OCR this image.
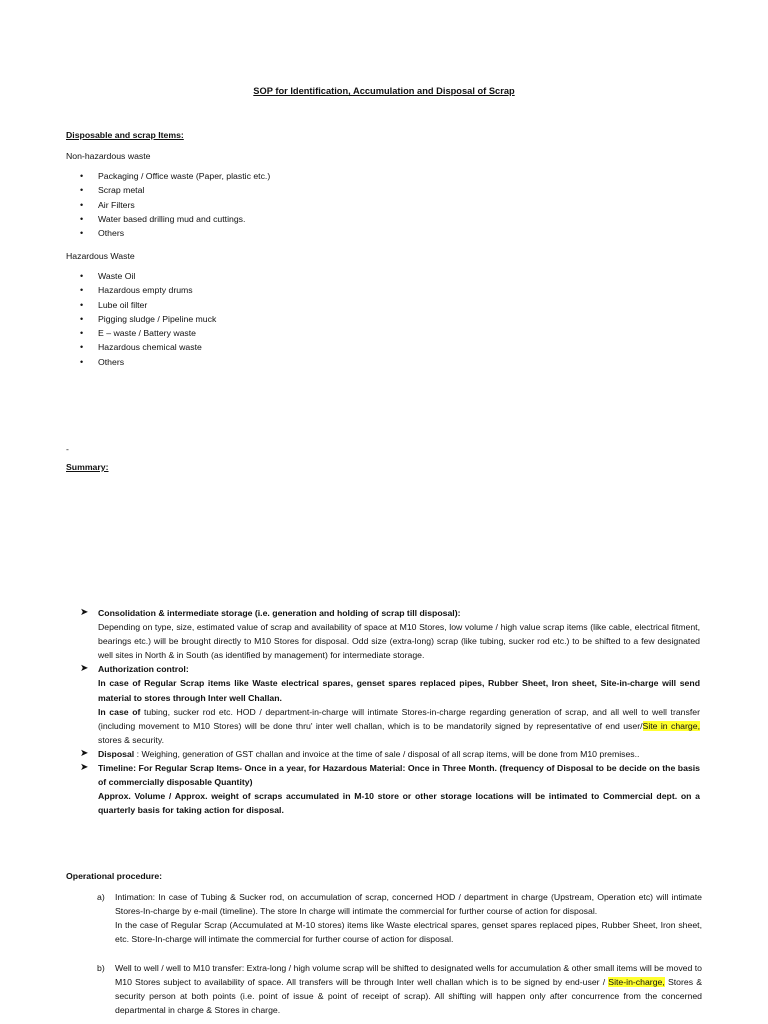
SOP for Identification, Accumulation and Disposal of Scrap
Disposable and scrap Items:
Non-hazardous waste
• Packaging / Office waste (Paper, plastic etc.)
• Scrap metal
• Air Filters
• Water based drilling mud and cuttings.
• Others
Hazardous Waste
• Waste Oil
• Hazardous empty drums
• Lube oil filter
• Pigging sludge / Pipeline muck
• E – waste / Battery waste
• Hazardous chemical waste
• Others
-
Summary:
➤ Consolidation & intermediate storage (i.e. generation and holding of scrap till disposal):

Depending on type, size, estimated value of scrap and availability of space at M10 Stores, low volume / high value scrap items (like cable, electrical fitment, bearings etc.) will be brought directly to M10 Stores for disposal. Odd size (extra-long) scrap (like tubing, sucker rod etc.) to be shifted to a few designated well sites in North & in South (as identified by management) for intermediate storage.

➤ Authorization control:

In case of Regular Scrap items like Waste electrical spares, genset spares replaced pipes, Rubber Sheet, Iron sheet, Site-in-charge will send material to stores through Inter well Challan.

In case of tubing, sucker rod etc. HOD / department-in-charge will intimate Stores-in-charge regarding generation of scrap, and all well to well transfer (including movement to M10 Stores) will be done thru' inter well challan, which is to be mandatorily signed by representative of end user/Site in charge, stores & security.

➤ Disposal : Weighing, generation of GST challan and invoice at the time of sale / disposal of all scrap items, will be done from M10 premises..

➤ Timeline: For Regular Scrap Items- Once in a year, for Hazardous Material: Once in Three Month. (frequency of Disposal to be decide on the basis of commercially disposable Quantity)

Approx. Volume / Approx. weight of scraps accumulated in M-10 store or other storage locations will be intimated to Commercial dept. on a quarterly basis for taking action for disposal.

Operational procedure:
a) Intimation: In case of Tubing & Sucker rod, on accumulation of scrap, concerned HOD / department in charge (Upstream, Operation etc) will intimate Stores-In-charge by e-mail (timeline). The store In charge will intimate the commercial for further course of action for disposal.

In the case of Regular Scrap (Accumulated at M-10 stores) items like Waste electrical spares, genset spares replaced pipes, Rubber Sheet, Iron sheet, etc. Store-In-charge will intimate the commercial for further course of action for disposal.

b) Well to well / well to M10 transfer: Extra-long / high volume scrap will be shifted to designated wells for accumulation & other small items will be moved to M10 Stores subject to availability of space. All transfers will be through Inter well challan which is to be signed by end-user / Site-in-charge, Stores & security person at both points (i.e. point of issue & point of receipt of scrap). All shifting will happen only after concurrence from the concerned departmental in charge & Stores in charge.
